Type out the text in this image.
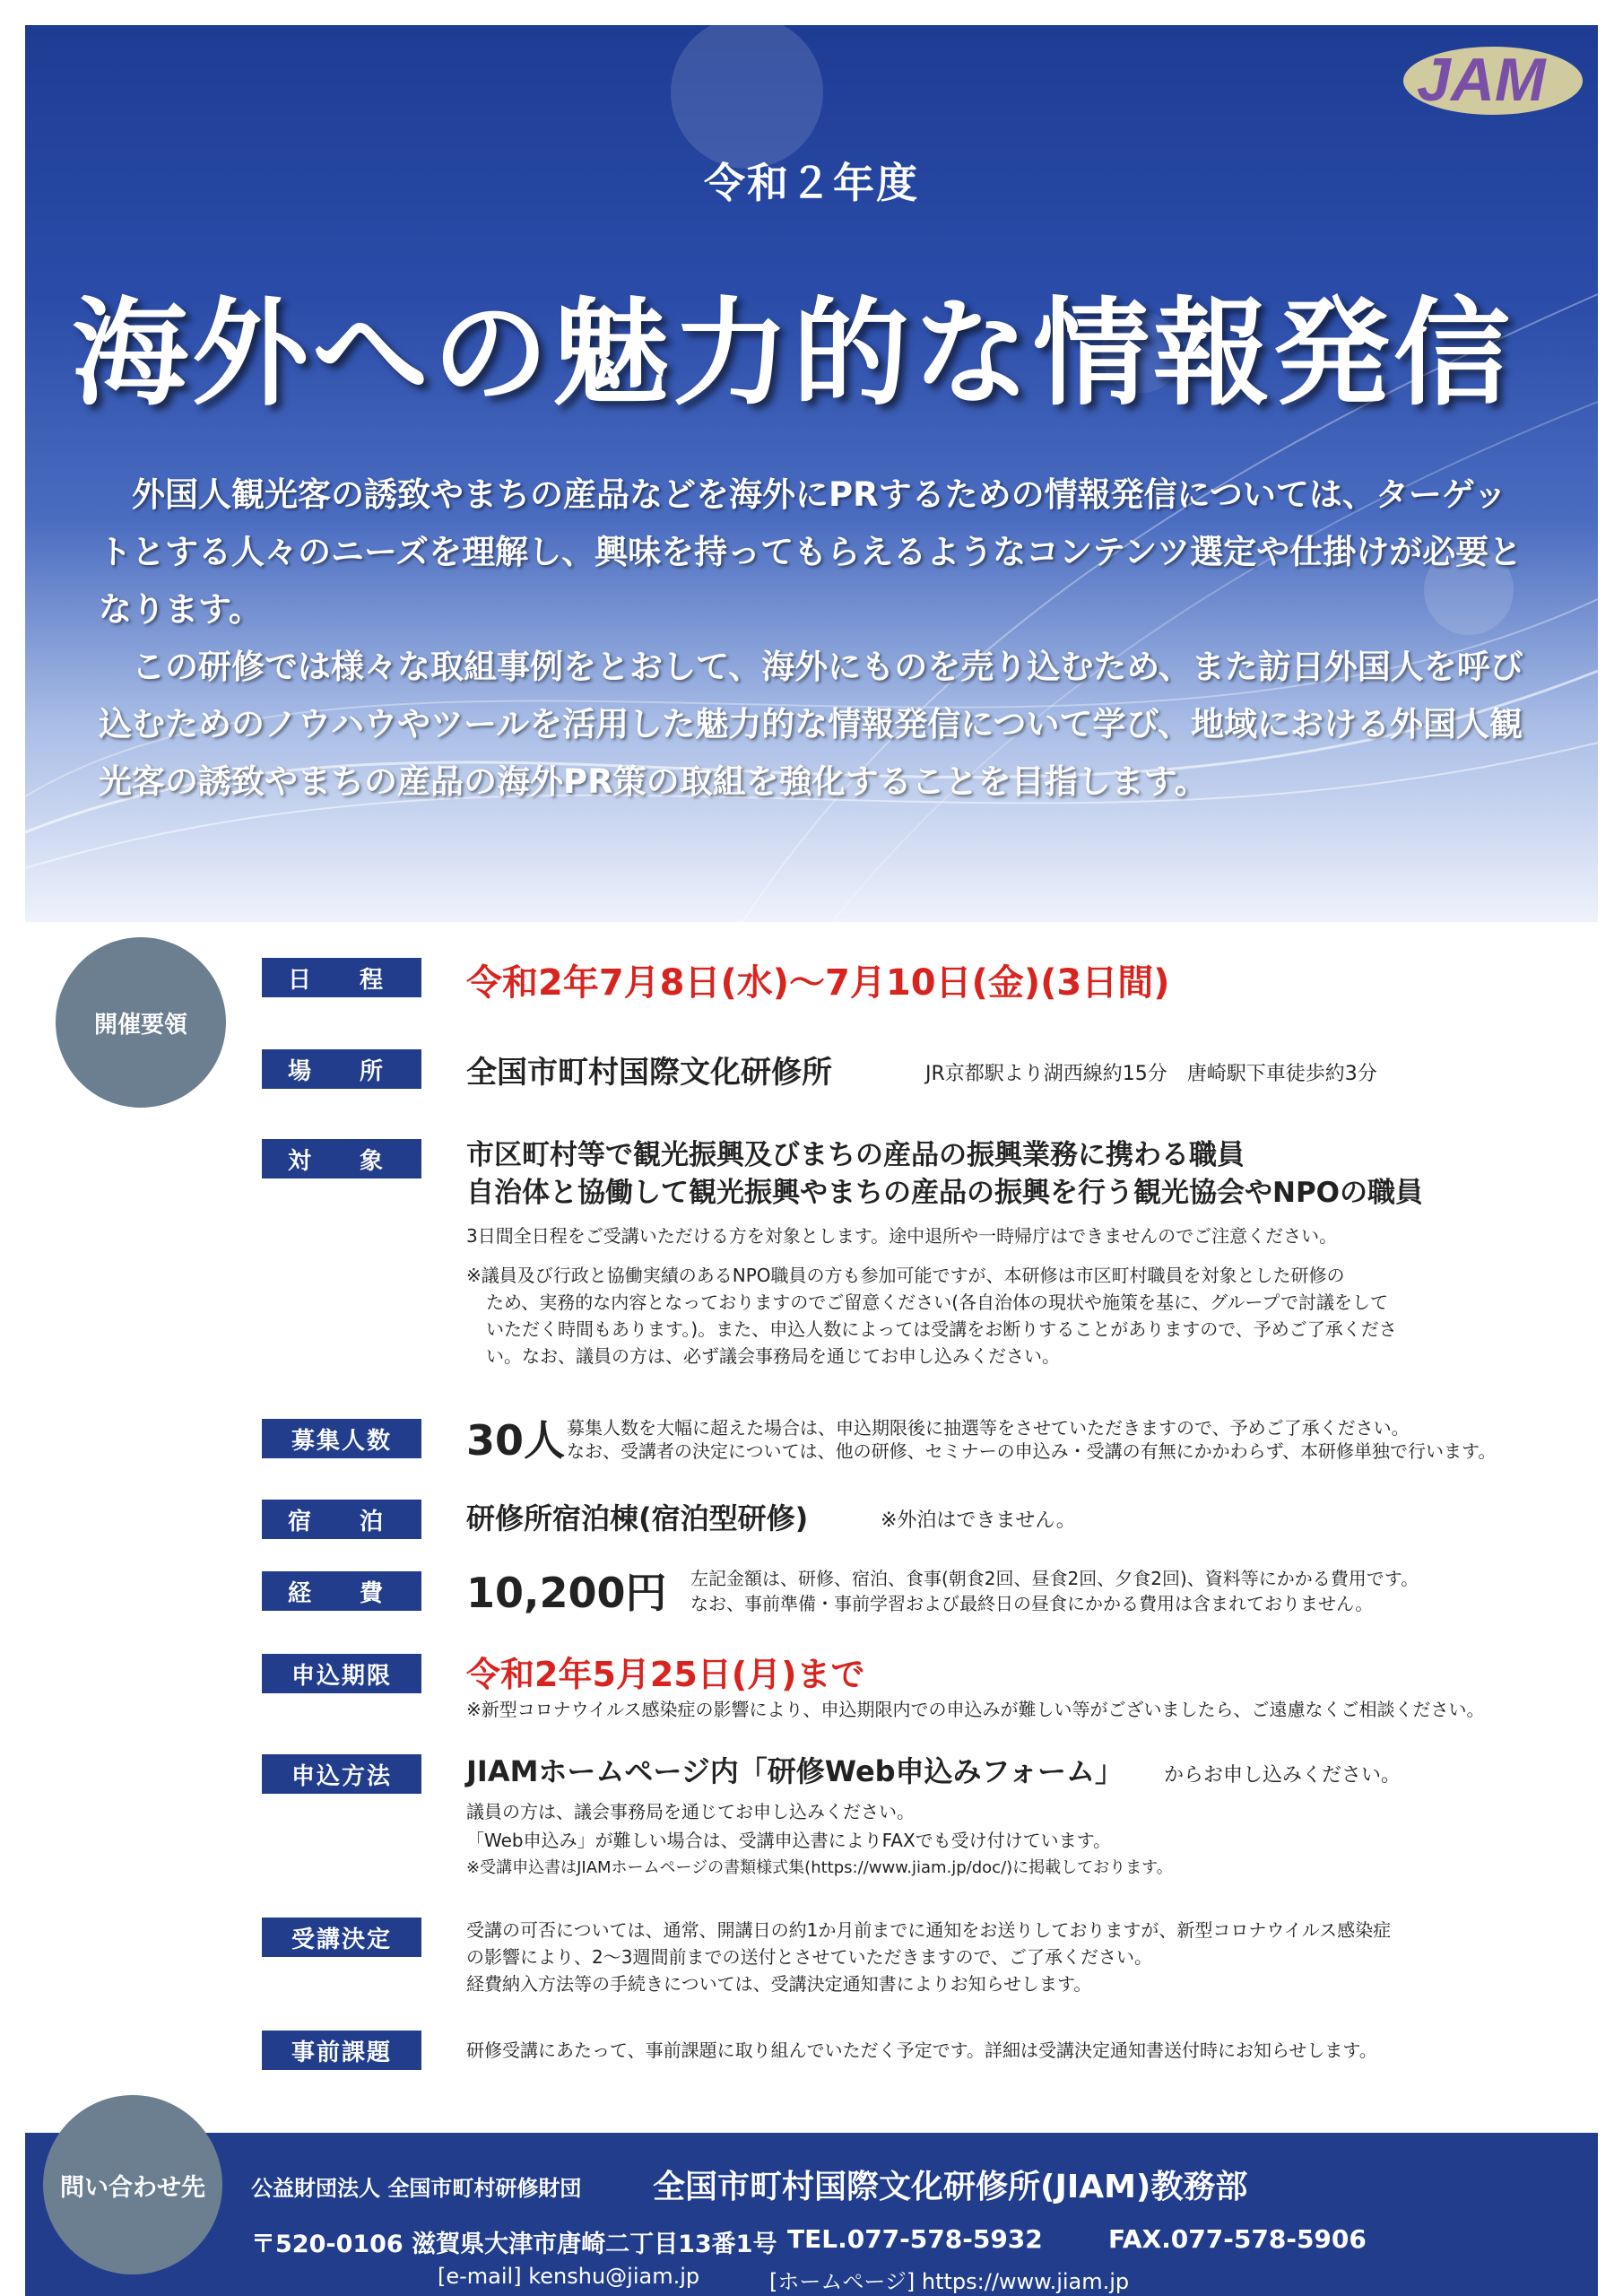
JAM
令和２年度
海外への魅力的な情報発信

外国人観光客の誘致やまちの産品などを海外にPRするための情報発信については、ターゲットとする人々のニーズを理解し、興味を持ってもらえるようなコンテンツ選定や仕掛けが必要となります。

この研修では様々な取組事例をとおして、海外にものを売り込むため、また訪日外国人を呼び込むためのノウハウやツールを活用した魅力的な情報発信について学び、地域における外国人観光客の誘致やまちの産品の海外PR策の取組を強化することを目指します。

開催要領
日　程	令和2年7月8日(水)～7月10日(金)(3日間)
場　所	全国市町村国際文化研修所	JR京都駅より湖西線約15分　唐崎駅下車徒歩約3分
対　象	市区町村等で観光振興及びまちの産品の振興業務に携わる職員
自治体と協働して観光振興やまちの産品の振興を行う観光協会やNPOの職員
3日間全日程をご受講いただける方を対象とします。途中退所や一時帰庁はできませんのでご注意ください。
※議員及び行政と協働実績のあるNPO職員の方も参加可能ですが、本研修は市区町村職員を対象とした研修の
ため、実務的な内容となっておりますのでご留意ください(各自治体の現状や施策を基に、グループで討議をして
いただく時間もあります。)。また、申込人数によっては受講をお断りすることがありますので、予めご了承くださ
い。なお、議員の方は、必ず議会事務局を通じてお申し込みください。
募集人数	30人 募集人数を大幅に超えた場合は、申込期限後に抽選等をさせていただきますので、予めご了承ください。
なお、受講者の決定については、他の研修、セミナーの申込み・受講の有無にかかわらず、本研修単独で行います。
宿　泊	研修所宿泊棟(宿泊型研修)	※外泊はできません。
経　費	10,200円 左記金額は、研修、宿泊、食事(朝食2回、昼食2回、夕食2回)、資料等にかかる費用です。
なお、事前準備・事前学習および最終日の昼食にかかる費用は含まれておりません。
申込期限	令和2年5月25日(月)まで
※新型コロナウイルス感染症の影響により、申込期限内での申込みが難しい等がございましたら、ご遠慮なくご相談ください。
申込方法	JIAMホームページ内「研修Web申込みフォーム」 からお申し込みください。
議員の方は、議会事務局を通じてお申し込みください。
「Web申込み」が難しい場合は、受講申込書によりFAXでも受け付けています。
※受講申込書はJIAMホームページの書類様式集(https://www.jiam.jp/doc/)に掲載しております。
受講決定	受講の可否については、通常、開講日の約1か月前までに通知をお送りしておりますが、新型コロナウイルス感染症
の影響により、2～3週間前までの送付とさせていただきますので、ご了承ください。
経費納入方法等の手続きについては、受講決定通知書によりお知らせします。
事前課題	研修受講にあたって、事前課題に取り組んでいただく予定です。詳細は受講決定通知書送付時にお知らせします。
公益財団法人 全国市町村研修財団 全国市町村国際文化研修所(JIAM)教務部
〒520-0106 滋賀県大津市唐崎二丁目13番1号 TEL.077-578-5932	FAX.077-578-5906
[e-mail] kenshu@jiam.jp	[ホームページ] https://www.jiam.jp
問い合わせ先
